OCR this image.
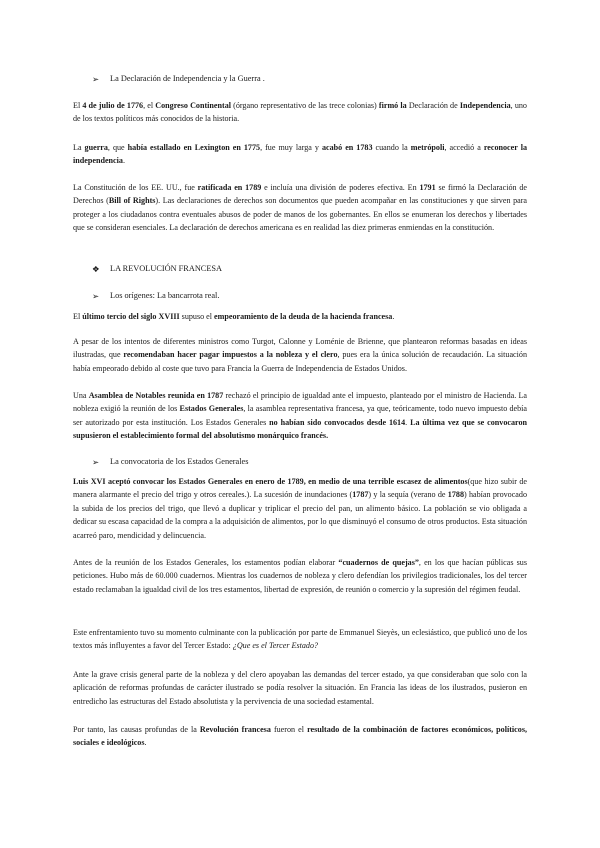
➢ La Declaración de Independencia y la Guerra .
El 4 de julio de 1776, el Congreso Continental (órgano representativo de las trece colonias) firmó la Declaración de Independencia, uno de los textos políticos más conocidos de la historia.
La guerra, que había estallado en Lexington en 1775, fue muy larga y acabó en 1783 cuando la metrópoli, accedió a reconocer la independencia.
La Constitución de los EE. UU., fue ratificada en 1789 e incluía una división de poderes efectiva. En 1791 se firmó la Declaración de Derechos (Bill of Rights). Las declaraciones de derechos son documentos que pueden acompañar en las constituciones y que sirven para proteger a los ciudadanos contra eventuales abusos de poder de manos de los gobernantes. En ellos se enumeran los derechos y libertades que se consideran esenciales. La declaración de derechos americana es en realidad las diez primeras enmiendas en la constitución.
❖ LA REVOLUCIÓN FRANCESA
➢ Los orígenes: La bancarrota real.
El último tercio del siglo XVIII supuso el empeoramiento de la deuda de la hacienda francesa.
A pesar de los intentos de diferentes ministros como Turgot, Calonne y Loménie de Brienne, que plantearon reformas basadas en ideas ilustradas, que recomendaban hacer pagar impuestos a la nobleza y el clero, pues era la única solución de recaudación. La situación había empeorado debido al coste que tuvo para Francia la Guerra de Independencia de Estados Unidos.
Una Asamblea de Notables reunida en 1787 rechazó el principio de igualdad ante el impuesto, planteado por el ministro de Hacienda. La nobleza exigió la reunión de los Estados Generales, la asamblea representativa francesa, ya que, teóricamente, todo nuevo impuesto debía ser autorizado por esta institución. Los Estados Generales no habían sido convocados desde 1614. La última vez que se convocaron supusieron el establecimiento formal del absolutismo monárquico francés.
➢ La convocatoria de los Estados Generales
Luis XVI aceptó convocar los Estados Generales en enero de 1789, en medio de una terrible escasez de alimentos(que hizo subir de manera alarmante el precio del trigo y otros cereales.). La sucesión de inundaciones (1787) y la sequía (verano de 1788) habían provocado la subida de los precios del trigo, que llevó a duplicar y triplicar el precio del pan, un alimento básico. La población se vio obligada a dedicar su escasa capacidad de la compra a la adquisición de alimentos, por lo que disminuyó el consumo de otros productos. Esta situación acarreó paro, mendicidad y delincuencia.
Antes de la reunión de los Estados Generales, los estamentos podían elaborar “cuadernos de quejas”, en los que hacían públicas sus peticiones. Hubo más de 60.000 cuadernos. Mientras los cuadernos de nobleza y clero defendían los privilegios tradicionales, los del tercer estado reclamaban la igualdad civil de los tres estamentos, libertad de expresión, de reunión o comercio y la supresión del régimen feudal.
Este enfrentamiento tuvo su momento culminante con la publicación por parte de Emmanuel Sieyès, un eclesiástico, que publicó uno de los textos más influyentes a favor del Tercer Estado: ¿Que es el Tercer Estado?
Ante la grave crisis general parte de la nobleza y del clero apoyaban las demandas del tercer estado, ya que consideraban que solo con la aplicación de reformas profundas de carácter ilustrado se podía resolver la situación. En Francia las ideas de los ilustrados, pusieron en entredicho las estructuras del Estado absolutista y la pervivencia de una sociedad estamental.
Por tanto, las causas profundas de la Revolución francesa fueron el resultado de la combinación de factores económicos, políticos, sociales e ideológicos.
